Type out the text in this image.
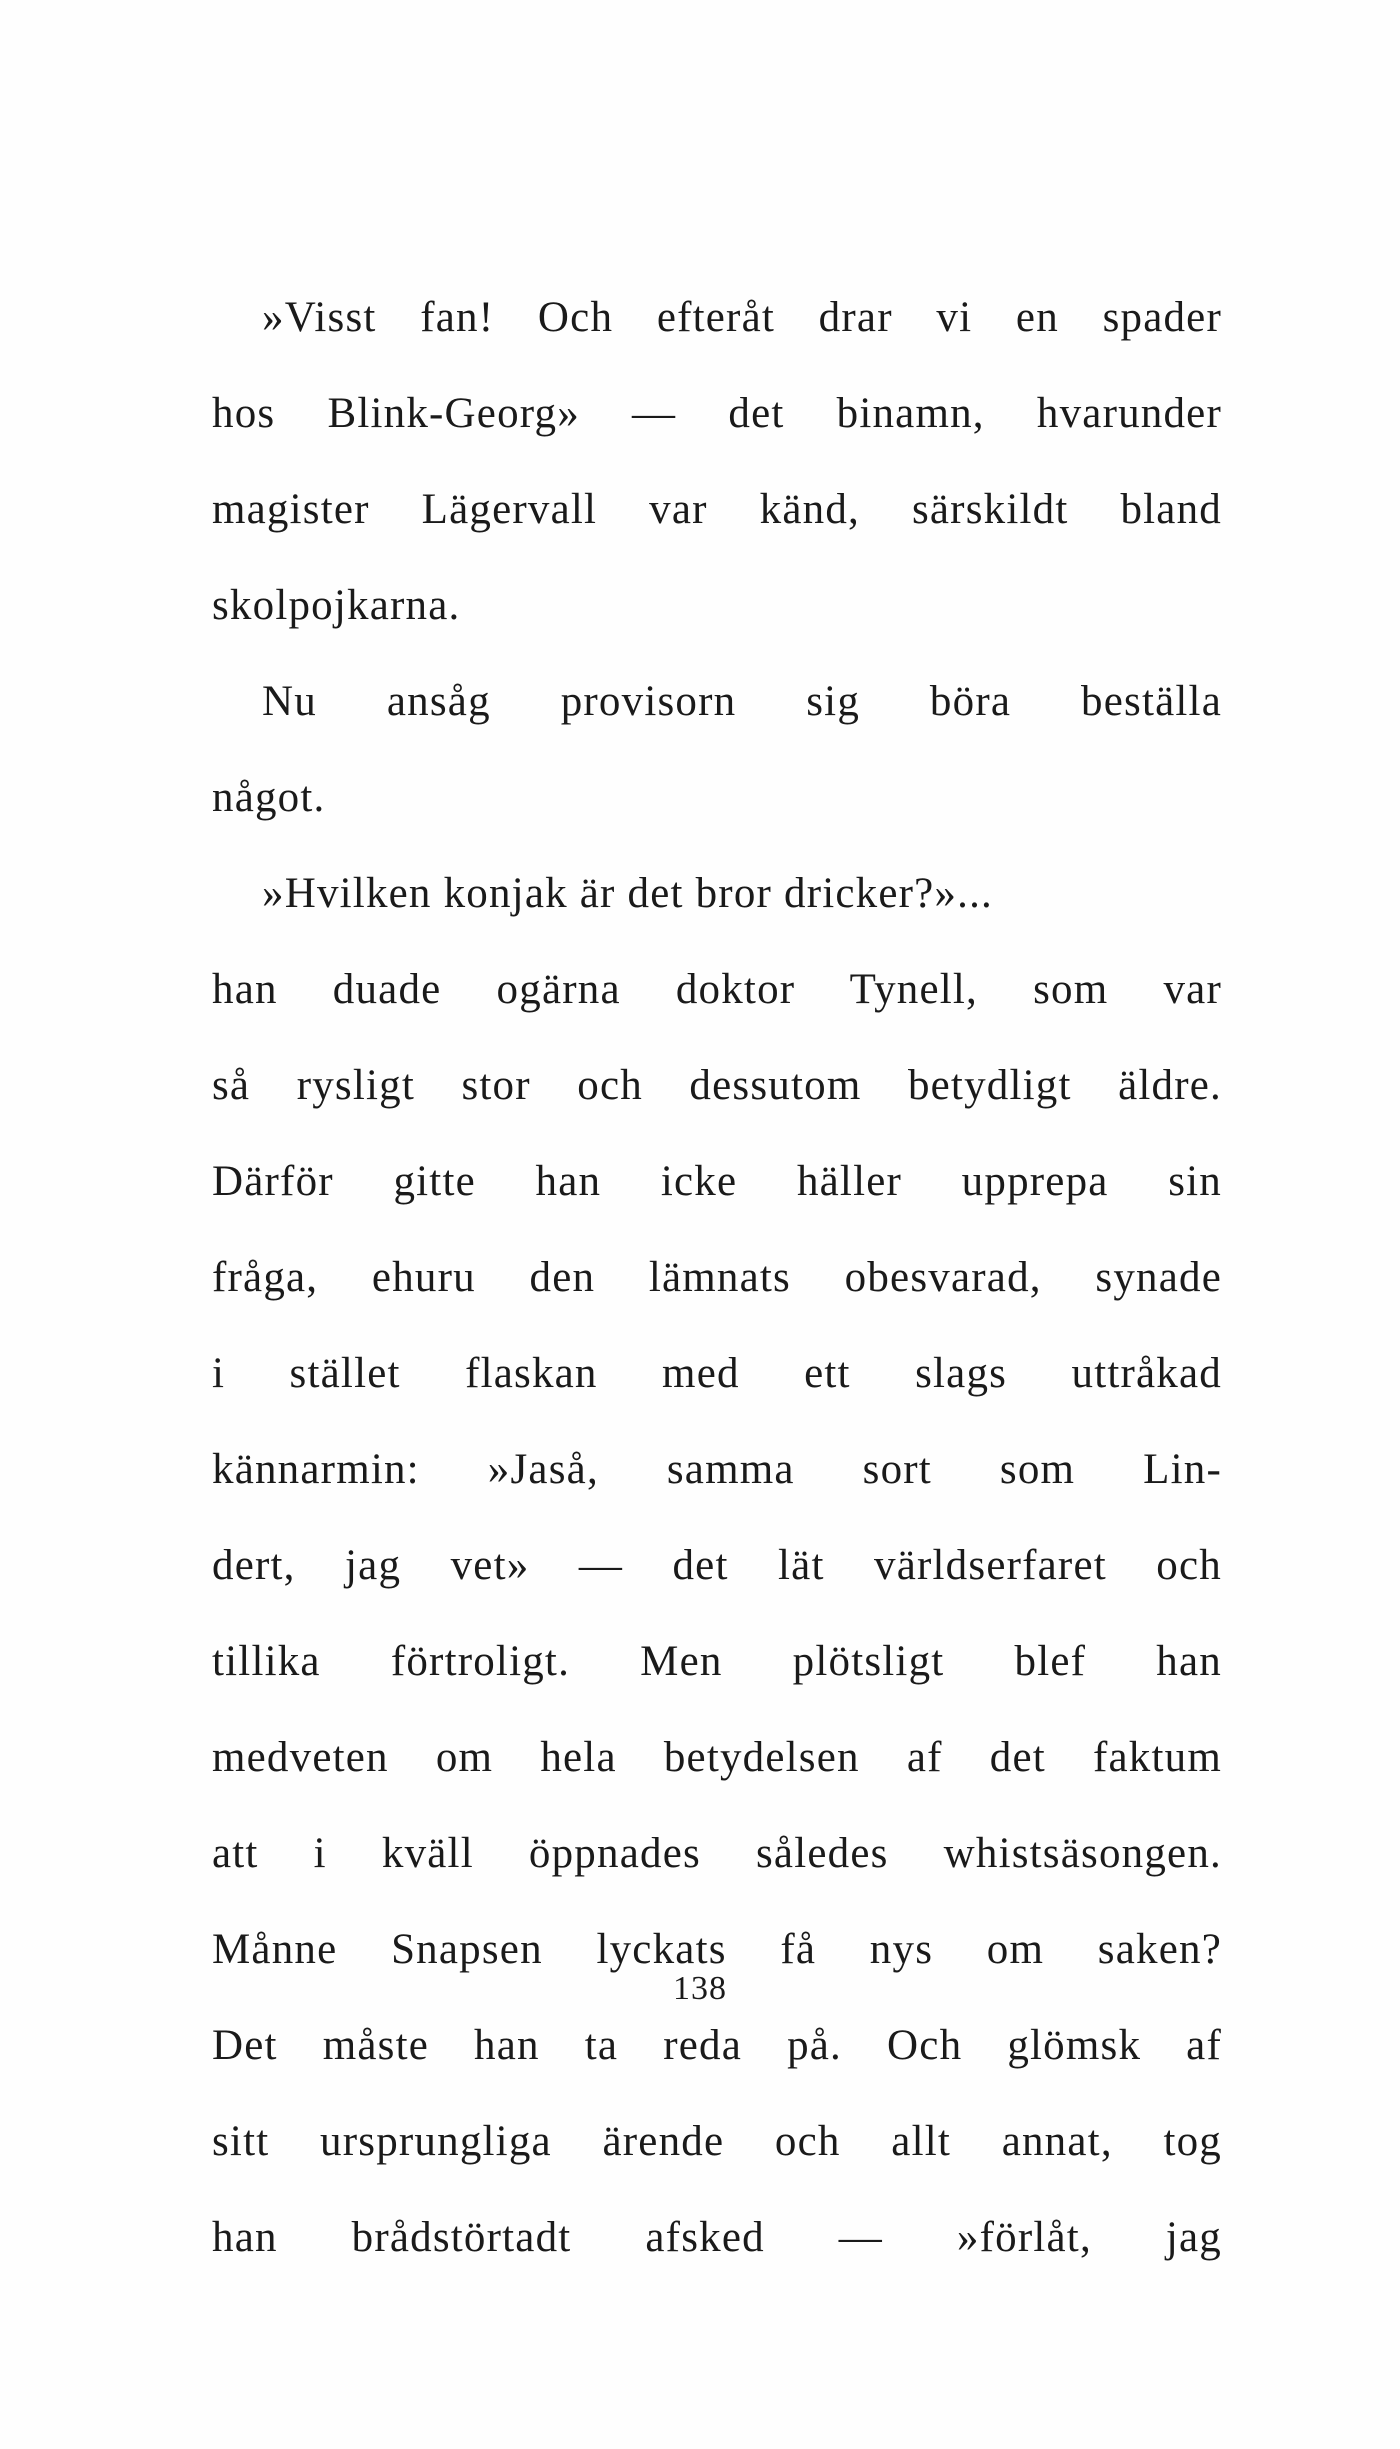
»Visst fan! Och efteråt drar vi en spader
hos Blink-Georg» — det binamn, hvarunder
magister Lägervall var känd, särskildt bland
skolpojkarna.
Nu ansåg provisorn sig böra beställa
något.
»Hvilken konjak är det bror dricker?»...
han duade ogärna doktor Tynell, som var
så rysligt stor och dessutom betydligt äldre.
Därför gitte han icke häller upprepa sin
fråga, ehuru den lämnats obesvarad, synade
i stället flaskan med ett slags uttråkad
kännarmin: »Jaså, samma sort som Lin-
dert, jag vet» — det lät världserfaret och
tillika förtroligt. Men plötsligt blef han
medveten om hela betydelsen af det faktum
att i kväll öppnades således whistsäsongen.
Månne Snapsen lyckats få nys om saken?
Det måste han ta reda på. Och glömsk af
sitt ursprungliga ärende och allt annat, tog
han brådstörtadt afsked — »förlåt, jag
138
